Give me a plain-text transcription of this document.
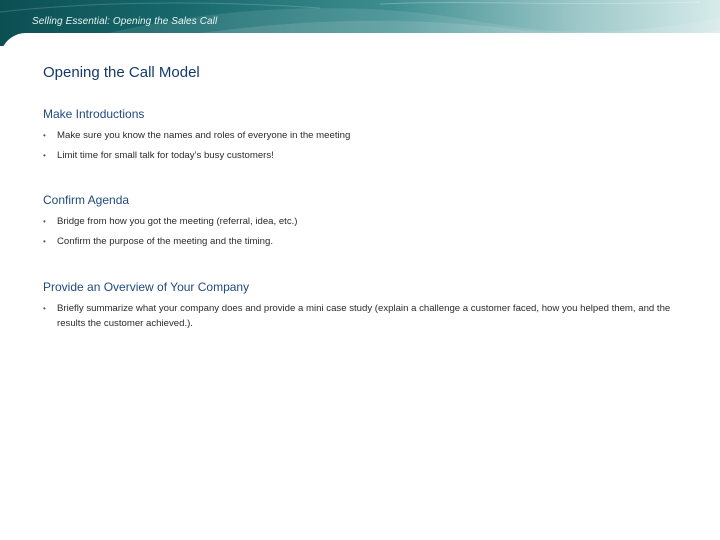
Selling Essential: Opening the Sales Call
Opening the Call Model
Make Introductions
• Make sure you know the names and roles of everyone in the meeting
• Limit time for small talk for today’s busy customers!
Confirm Agenda
• Bridge from how you got the meeting (referral, idea, etc.)
• Confirm the purpose of the meeting and the timing.
Provide an Overview of Your Company
• Briefly summarize what your company does and provide a mini case study (explain a challenge a customer faced, how you helped them, and the results the customer achieved.).
